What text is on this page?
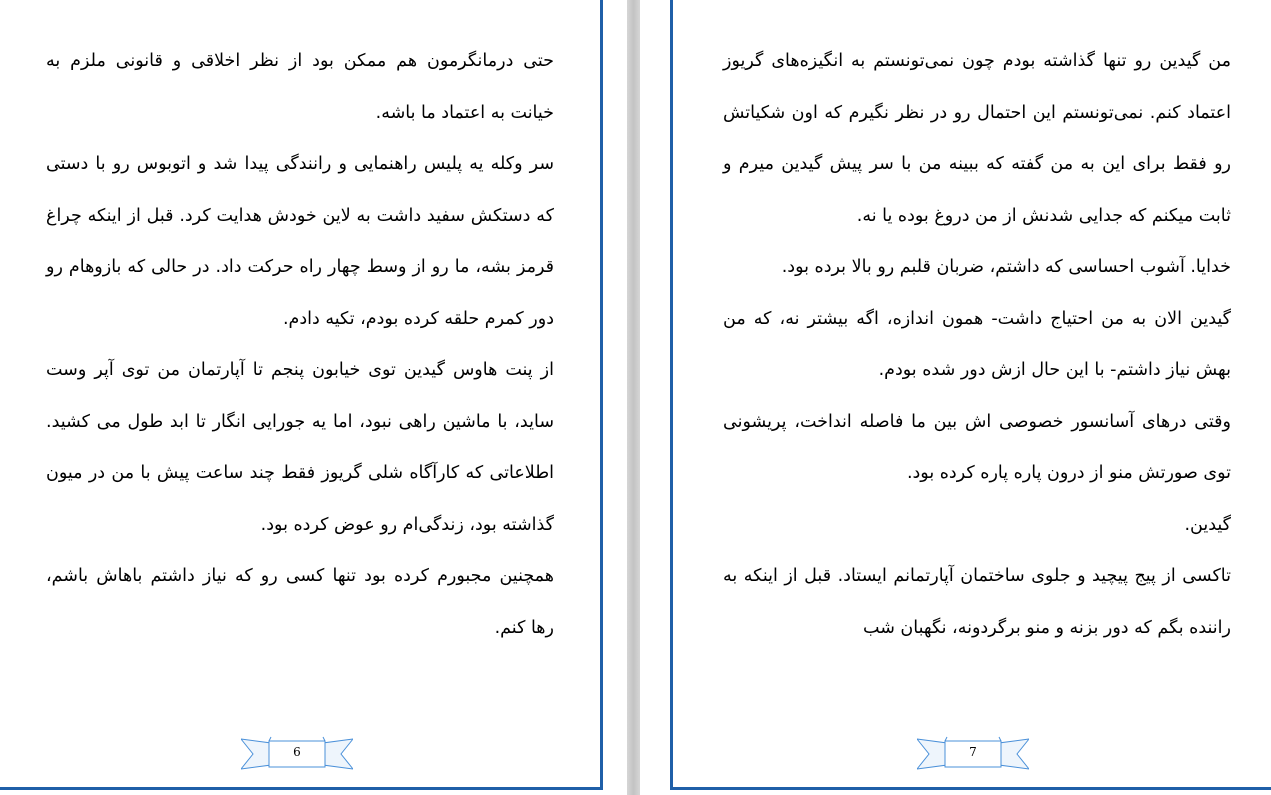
حتی درمانگرمون هم ممکن بود از نظر اخلاقی و قانونی ملزم به خیانت به اعتماد ما باشه.

سر وکله یه پلیس راهنمایی و رانندگی پیدا شد و اتوبوس رو با دستی که دستکش سفید داشت به لاین خودش هدایت کرد. قبل از اینکه چراغ قرمز بشه، ما رو از وسط چهار راه حرکت داد. در حالی که بازوهام رو دور کمرم حلقه کرده بودم، تکیه دادم.

از پنت هاوس گیدین توی خیابون پنجم تا آپارتمان من توی آپر وست ساید، با ماشین راهی نبود، اما یه جورایی انگار تا ابد طول می کشید. اطلاعاتی که کارآگاه شلی گریوز فقط چند ساعت پیش با من در میون گذاشته بود، زندگی‌ام رو عوض کرده بود.

همچنین مجبورم کرده بود تنها کسی رو که نیاز داشتم باهاش باشم، رها کنم.

6

من گیدین رو تنها گذاشته بودم چون نمی‌تونستم به انگیزه‌های گریوز اعتماد کنم. نمی‌تونستم این احتمال رو در نظر نگیرم که اون شکیاتش رو فقط برای این به من گفته که ببینه من با سر پیش گیدین میرم و ثابت میکنم که جدایی شدنش از من دروغ بوده یا نه.

خدایا. آشوب احساسی که داشتم، ضربان قلبم رو بالا برده بود.

گیدین الان به من احتیاج داشت- همون اندازه، اگه بیشتر نه، که من بهش نیاز داشتم- با این حال ازش دور شده بودم.

وقتی درهای آسانسور خصوصی اش بین ما فاصله انداخت، پریشونی توی صورتش منو از درون پاره پاره کرده بود.

گیدین.

تاکسی از پیج پیچید و جلوی ساختمان آپارتمانم ایستاد. قبل از اینکه به راننده بگم که دور بزنه و منو برگردونه، نگهبان شب

7
